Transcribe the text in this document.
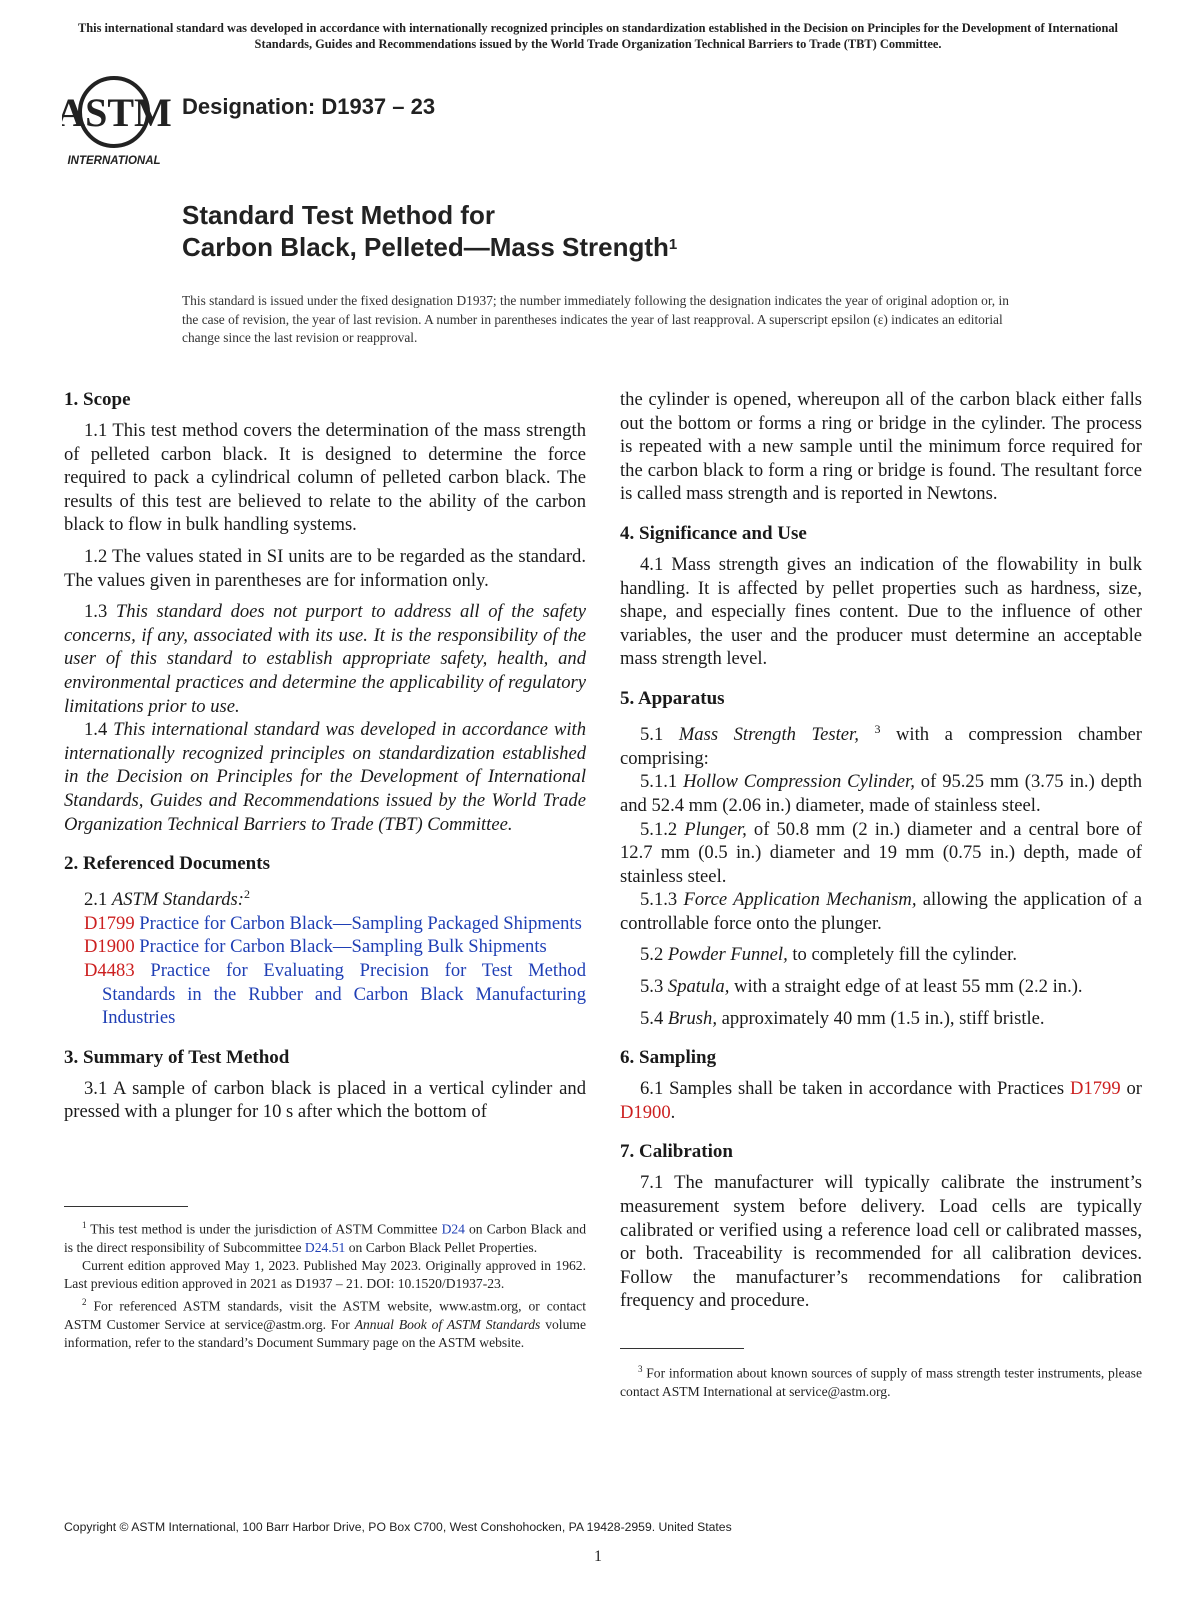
This international standard was developed in accordance with internationally recognized principles on standardization established in the Decision on Principles for the Development of International Standards, Guides and Recommendations issued by the World Trade Organization Technical Barriers to Trade (TBT) Committee.
ASTM
INTERNATIONAL
Designation: D1937 – 23
Standard Test Method for
Carbon Black, Pelleted—Mass Strength$^1$
This standard is issued under the fixed designation D1937; the number immediately following the designation indicates the year of original adoption or, in the case of revision, the year of last revision. A number in parentheses indicates the year of last reapproval. A superscript epsilon (ε) indicates an editorial change since the last revision or reapproval.
1. Scope

1.1 This test method covers the determination of the mass strength of pelleted carbon black. It is designed to determine the force required to pack a cylindrical column of pelleted carbon black. The results of this test are believed to relate to the ability of the carbon black to flow in bulk handling systems.

1.2 The values stated in SI units are to be regarded as the standard. The values given in parentheses are for information only.

1.3 This standard does not purport to address all of the safety concerns, if any, associated with its use. It is the responsibility of the user of this standard to establish appropriate safety, health, and environmental practices and determine the applicability of regulatory limitations prior to use.

1.4 This international standard was developed in accordance with internationally recognized principles on standardization established in the Decision on Principles for the Development of International Standards, Guides and Recommendations issued by the World Trade Organization Technical Barriers to Trade (TBT) Committee.

2. Referenced Documents

2.1 ASTM Standards:$^2$

D1799 Practice for Carbon Black—Sampling Packaged Shipments

D1900 Practice for Carbon Black—Sampling Bulk Shipments

D4483 Practice for Evaluating Precision for Test Method Standards in the Rubber and Carbon Black Manufacturing Industries

3. Summary of Test Method

3.1 A sample of carbon black is placed in a vertical cylinder and pressed with a plunger for 10 s after which the bottom of

$^1$ This test method is under the jurisdiction of ASTM Committee D24 on Carbon Black and is the direct responsibility of Subcommittee D24.51 on Carbon Black Pellet Properties.

Current edition approved May 1, 2023. Published May 2023. Originally approved in 1962. Last previous edition approved in 2021 as D1937 – 21. DOI: 10.1520/D1937-23.

$^2$ For referenced ASTM standards, visit the ASTM website, www.astm.org, or contact ASTM Customer Service at service@astm.org. For Annual Book of ASTM Standards volume information, refer to the standard’s Document Summary page on the ASTM website.

the cylinder is opened, whereupon all of the carbon black either falls out the bottom or forms a ring or bridge in the cylinder. The process is repeated with a new sample until the minimum force required for the carbon black to form a ring or bridge is found. The resultant force is called mass strength and is reported in Newtons.

4. Significance and Use

4.1 Mass strength gives an indication of the flowability in bulk handling. It is affected by pellet properties such as hardness, size, shape, and especially fines content. Due to the influence of other variables, the user and the producer must determine an acceptable mass strength level.

5. Apparatus

5.1 Mass Strength Tester, $^3$ with a compression chamber comprising:

5.1.1 Hollow Compression Cylinder, of 95.25 mm (3.75 in.) depth and 52.4 mm (2.06 in.) diameter, made of stainless steel.

5.1.2 Plunger, of 50.8 mm (2 in.) diameter and a central bore of 12.7 mm (0.5 in.) diameter and 19 mm (0.75 in.) depth, made of stainless steel.

5.1.3 Force Application Mechanism, allowing the application of a controllable force onto the plunger.

5.2 Powder Funnel, to completely fill the cylinder.

5.3 Spatula, with a straight edge of at least 55 mm (2.2 in.).

5.4 Brush, approximately 40 mm (1.5 in.), stiff bristle.

6. Sampling

6.1 Samples shall be taken in accordance with Practices D1799 or D1900.

7. Calibration

7.1 The manufacturer will typically calibrate the instrument’s measurement system before delivery. Load cells are typically calibrated or verified using a reference load cell or calibrated masses, or both. Traceability is recommended for all calibration devices. Follow the manufacturer’s recommendations for calibration frequency and procedure.

$^3$ For information about known sources of supply of mass strength tester instruments, please contact ASTM International at service@astm.org.

Copyright © ASTM International, 100 Barr Harbor Drive, PO Box C700, West Conshohocken, PA 19428-2959. United States
1
